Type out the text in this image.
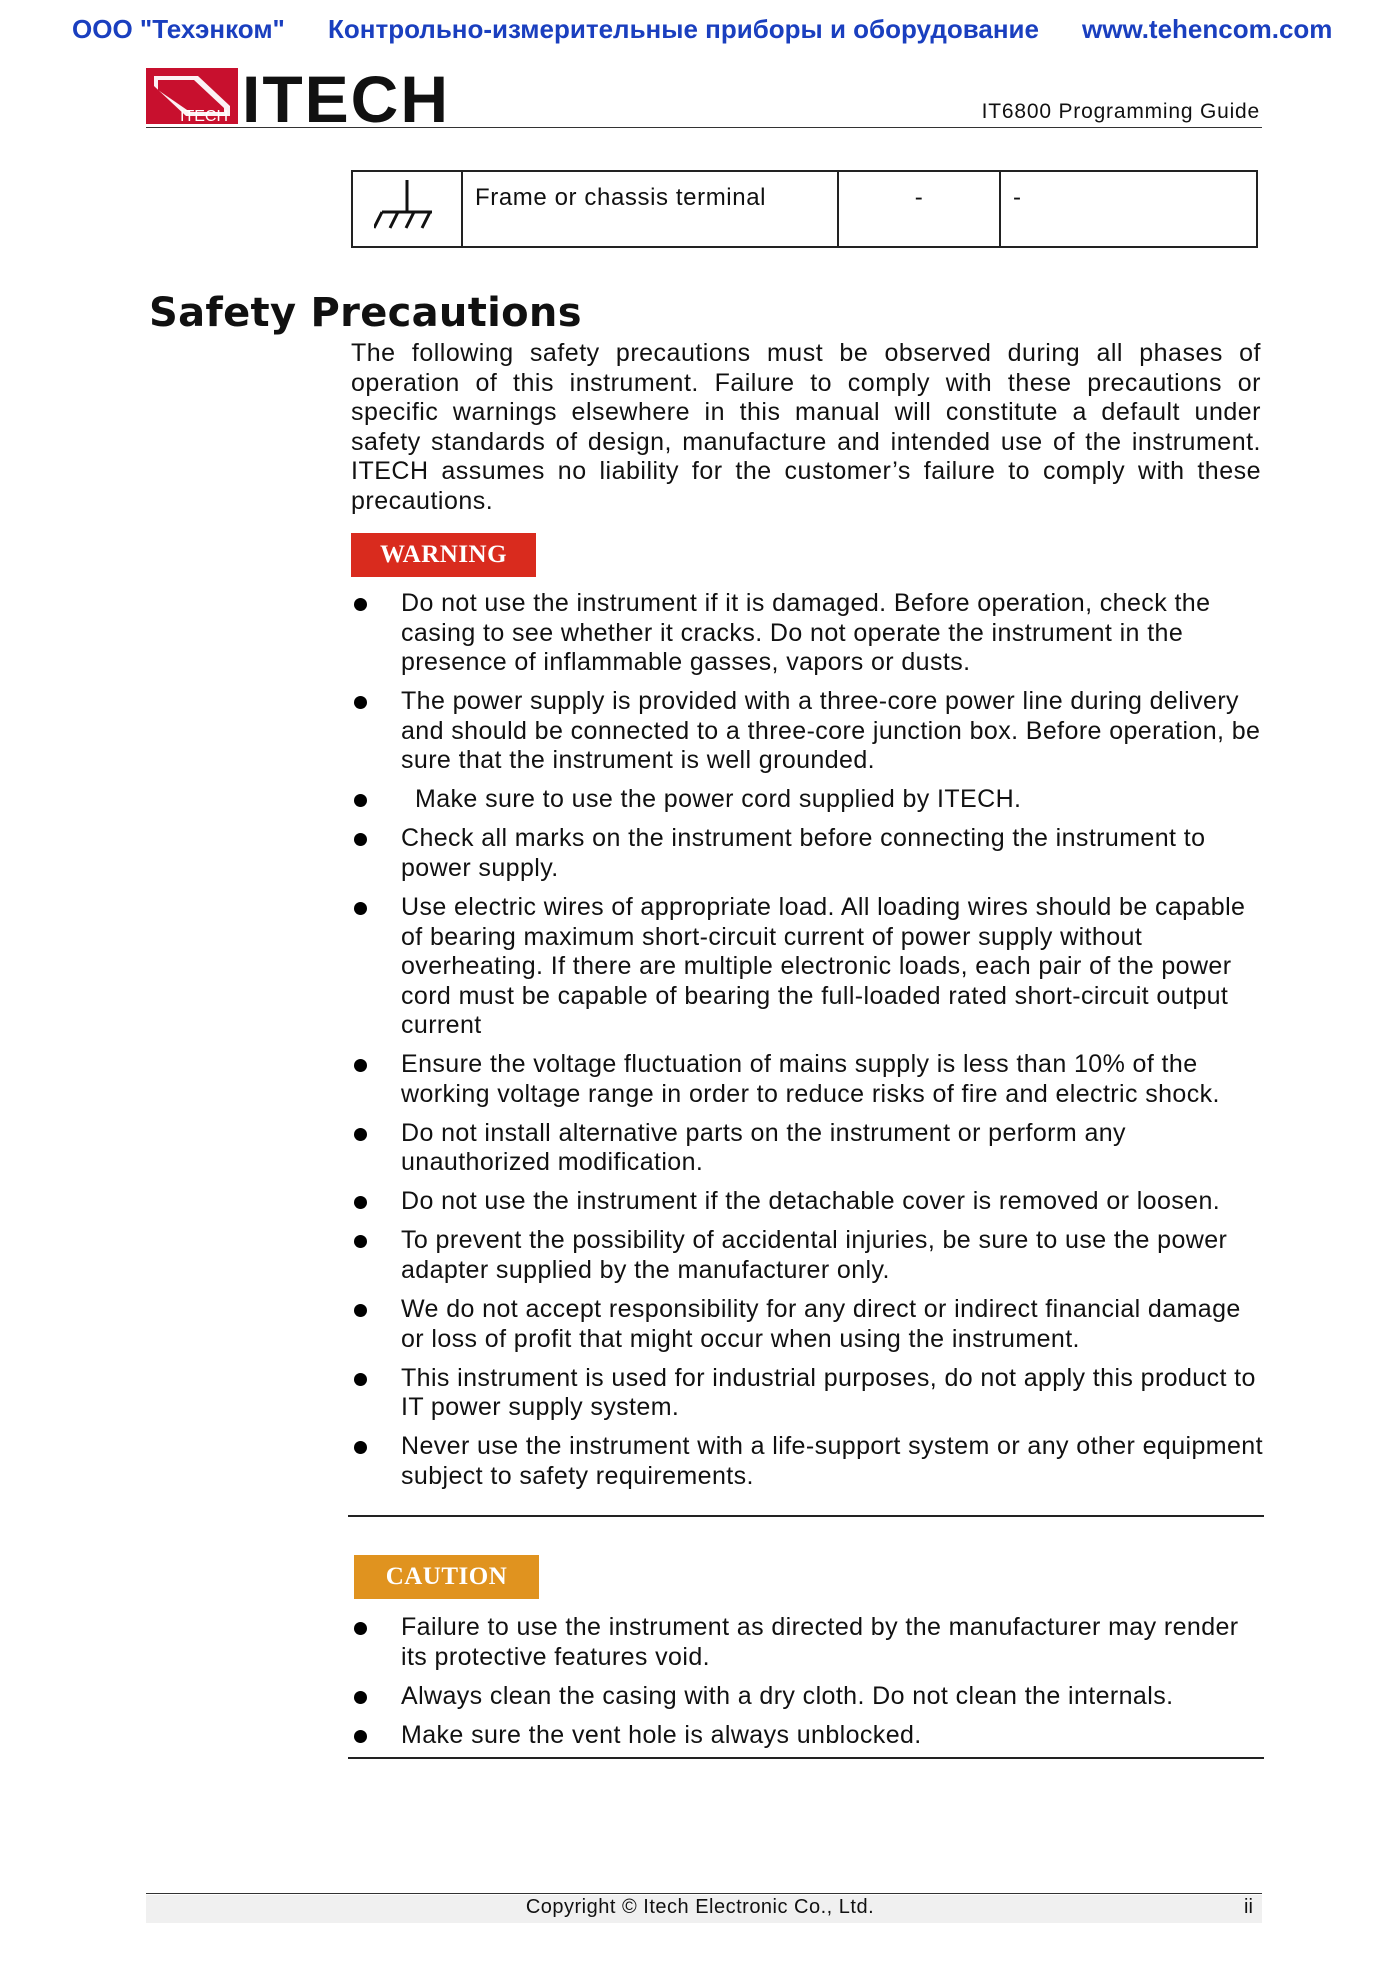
ООО "Техэнком" Контрольно-измерительные приборы и оборудование www.tehencom.com
ITECH ITECH	IT6800 Programming Guide
	Frame or chassis terminal	-	-
Safety Precautions
The following safety precautions must be observed during all phases of operation of this instrument. Failure to comply with these precautions or specific warnings elsewhere in this manual will constitute a default under safety standards of design, manufacture and intended use of the instrument. ITECH assumes no liability for the customer’s failure to comply with these precautions.
WARNING
Do not use the instrument if it is damaged. Before operation, check the casing to see whether it cracks. Do not operate the instrument in the presence of inflammable gasses, vapors or dusts.
The power supply is provided with a three-core power line during delivery and should be connected to a three-core junction box. Before operation, be sure that the instrument is well grounded.
Make sure to use the power cord supplied by ITECH.
Check all marks on the instrument before connecting the instrument to power supply.
Use electric wires of appropriate load. All loading wires should be capable of bearing maximum short-circuit current of power supply without overheating. If there are multiple electronic loads, each pair of the power cord must be capable of bearing the full-loaded rated short-circuit output current
Ensure the voltage fluctuation of mains supply is less than 10% of the working voltage range in order to reduce risks of fire and electric shock.
Do not install alternative parts on the instrument or perform any unauthorized modification.
Do not use the instrument if the detachable cover is removed or loosen.
To prevent the possibility of accidental injuries, be sure to use the power adapter supplied by the manufacturer only.
We do not accept responsibility for any direct or indirect financial damage or loss of profit that might occur when using the instrument.
This instrument is used for industrial purposes, do not apply this product to IT power supply system.
Never use the instrument with a life-support system or any other equipment subject to safety requirements.
CAUTION
Failure to use the instrument as directed by the manufacturer may render its protective features void.
Always clean the casing with a dry cloth. Do not clean the internals.
Make sure the vent hole is always unblocked.
Copyright © Itech Electronic Co., Ltd.	ii
